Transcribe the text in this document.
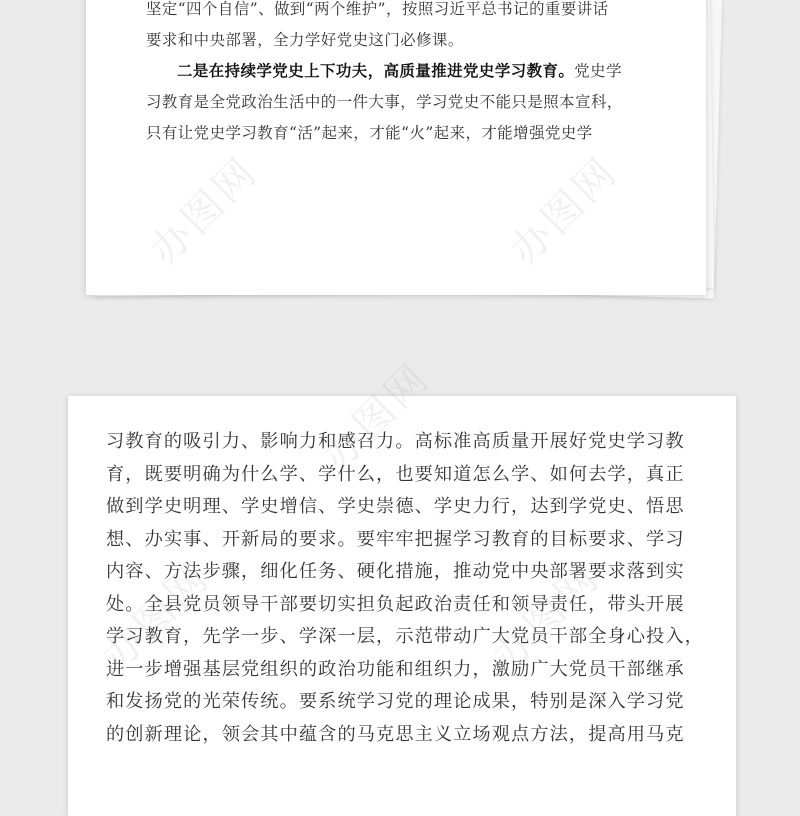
坚定“四个自信”、做到“两个维护”，按照习近平总书记的重要讲话
要求和中央部署，全力学好党史这门必修课。
二是在持续学党史上下功夫，高质量推进党史学习教育。党史学
习教育是全党政治生活中的一件大事，学习党史不能只是照本宣科，
只有让党史学习教育“活”起来，才能“火”起来，才能增强党史学
办图网	办图网
习教育的吸引力、影响力和感召力。高标准高质量开展好党史学习教
育，既要明确为什么学、学什么，也要知道怎么学、如何去学，真正
做到学史明理、学史增信、学史崇德、学史力行，达到学党史、悟思
想、办实事、开新局的要求。要牢牢把握学习教育的目标要求、学习
内容、方法步骤，细化任务、硬化措施，推动党中央部署要求落到实
处。全县党员领导干部要切实担负起政治责任和领导责任，带头开展
学习教育，先学一步、学深一层，示范带动广大党员干部全身心投入，
进一步增强基层党组织的政治功能和组织力，激励广大党员干部继承
和发扬党的光荣传统。要系统学习党的理论成果，特别是深入学习党
的创新理论，领会其中蕴含的马克思主义立场观点方法，提高用马克
办图网
办图网	办图网
